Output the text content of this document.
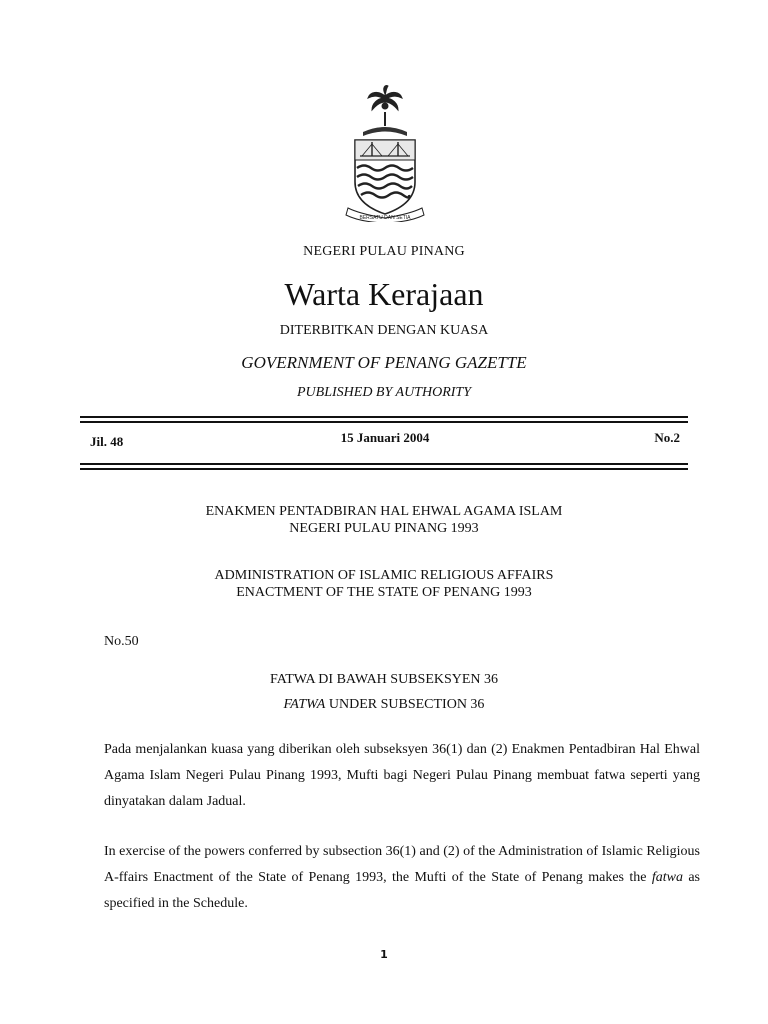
BERSATU DAN SETIA
NEGERI PULAU PINANG
Warta Kerajaan
DITERBITKAN DENGAN KUASA
GOVERNMENT OF PENANG GAZETTE
PUBLISHED BY AUTHORITY
Jil. 48	15 Januari 2004	No.2
ENAKMEN PENTADBIRAN HAL EHWAL AGAMA ISLAM
NEGERI PULAU PINANG 1993
ADMINISTRATION OF ISLAMIC RELIGIOUS AFFAIRS
ENACTMENT OF THE STATE OF PENANG 1993
No.50
FATWA DI BAWAH SUBSEKSYEN 36
FATWA UNDER SUBSECTION 36
Pada menjalankan kuasa yang diberikan oleh subseksyen 36(1) dan (2) Enakmen Pentadbiran Hal Ehwal Agama Islam Negeri Pulau Pinang 1993, Mufti bagi Negeri Pulau Pinang membuat fatwa seperti yang dinyatakan dalam Jadual.
In exercise of the powers conferred by subsection 36(1) and (2) of the Administration of Islamic Religious A-ffairs Enactment of the State of Penang 1993, the Mufti of the State of Penang makes the fatwa as specified in the Schedule.
1
